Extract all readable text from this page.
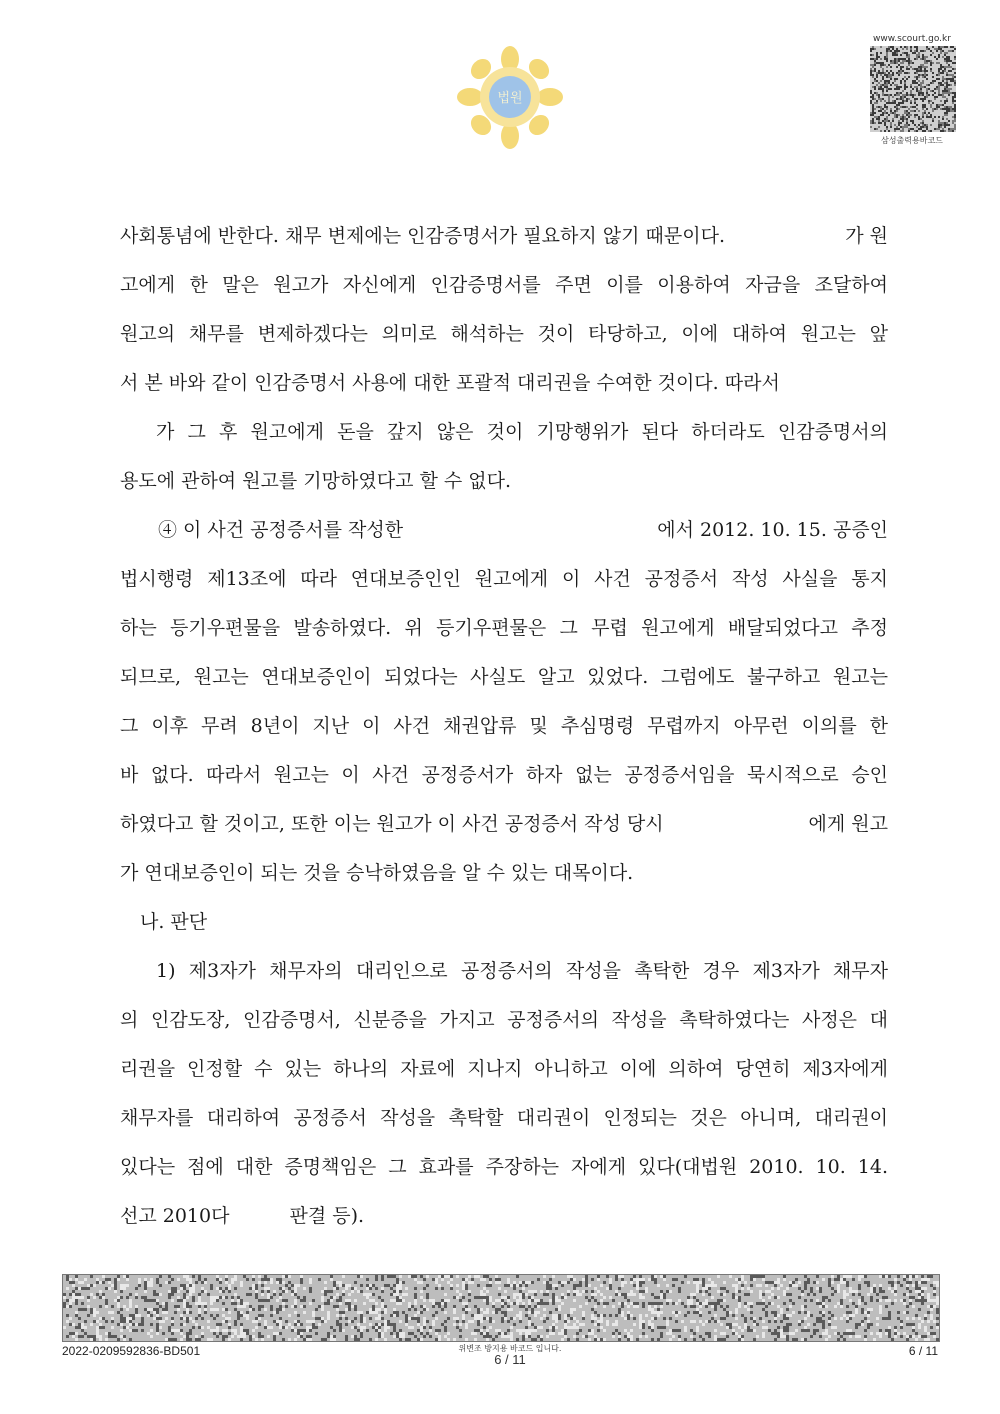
법원
www.scourt.go.kr
삼성출력용바코드
사회통념에 반한다. 채무 변제에는 인감증명서가 필요하지 않기 때문이다.	가 원
고에게 한 말은 원고가 자신에게 인감증명서를 주면 이를 이용하여 자금을 조달하여
원고의 채무를 변제하겠다는 의미로 해석하는 것이 타당하고, 이에 대하여 원고는 앞
서 본 바와 같이 인감증명서 사용에 대한 포괄적 대리권을 수여한 것이다. 따라서
가 그 후 원고에게 돈을 갚지 않은 것이 기망행위가 된다 하더라도 인감증명서의
용도에 관하여 원고를 기망하였다고 할 수 없다.
④ 이 사건 공정증서를 작성한	에서 2012. 10. 15. 공증인
법시행령 제13조에 따라 연대보증인인 원고에게 이 사건 공정증서 작성 사실을 통지
하는 등기우편물을 발송하였다. 위 등기우편물은 그 무렵 원고에게 배달되었다고 추정
되므로, 원고는 연대보증인이 되었다는 사실도 알고 있었다. 그럼에도 불구하고 원고는
그 이후 무려 8년이 지난 이 사건 채권압류 및 추심명령 무렵까지 아무런 이의를 한
바 없다. 따라서 원고는 이 사건 공정증서가 하자 없는 공정증서임을 묵시적으로 승인
하였다고 할 것이고, 또한 이는 원고가 이 사건 공정증서 작성 당시	에게 원고
가 연대보증인이 되는 것을 승낙하였음을 알 수 있는 대목이다.
나. 판단
1) 제3자가 채무자의 대리인으로 공정증서의 작성을 촉탁한 경우 제3자가 채무자
의 인감도장, 인감증명서, 신분증을 가지고 공정증서의 작성을 촉탁하였다는 사정은 대
리권을 인정할 수 있는 하나의 자료에 지나지 아니하고 이에 의하여 당연히 제3자에게
채무자를 대리하여 공정증서 작성을 촉탁할 대리권이 인정되는 것은 아니며, 대리권이
있다는 점에 대한 증명책임은 그 효과를 주장하는 자에게 있다(대법원 2010. 10. 14.
선고 2010다	판결 등).
2022-0209592836-BD501	위변조 방지용 바코드 입니다.
6 / 11
6 / 11
